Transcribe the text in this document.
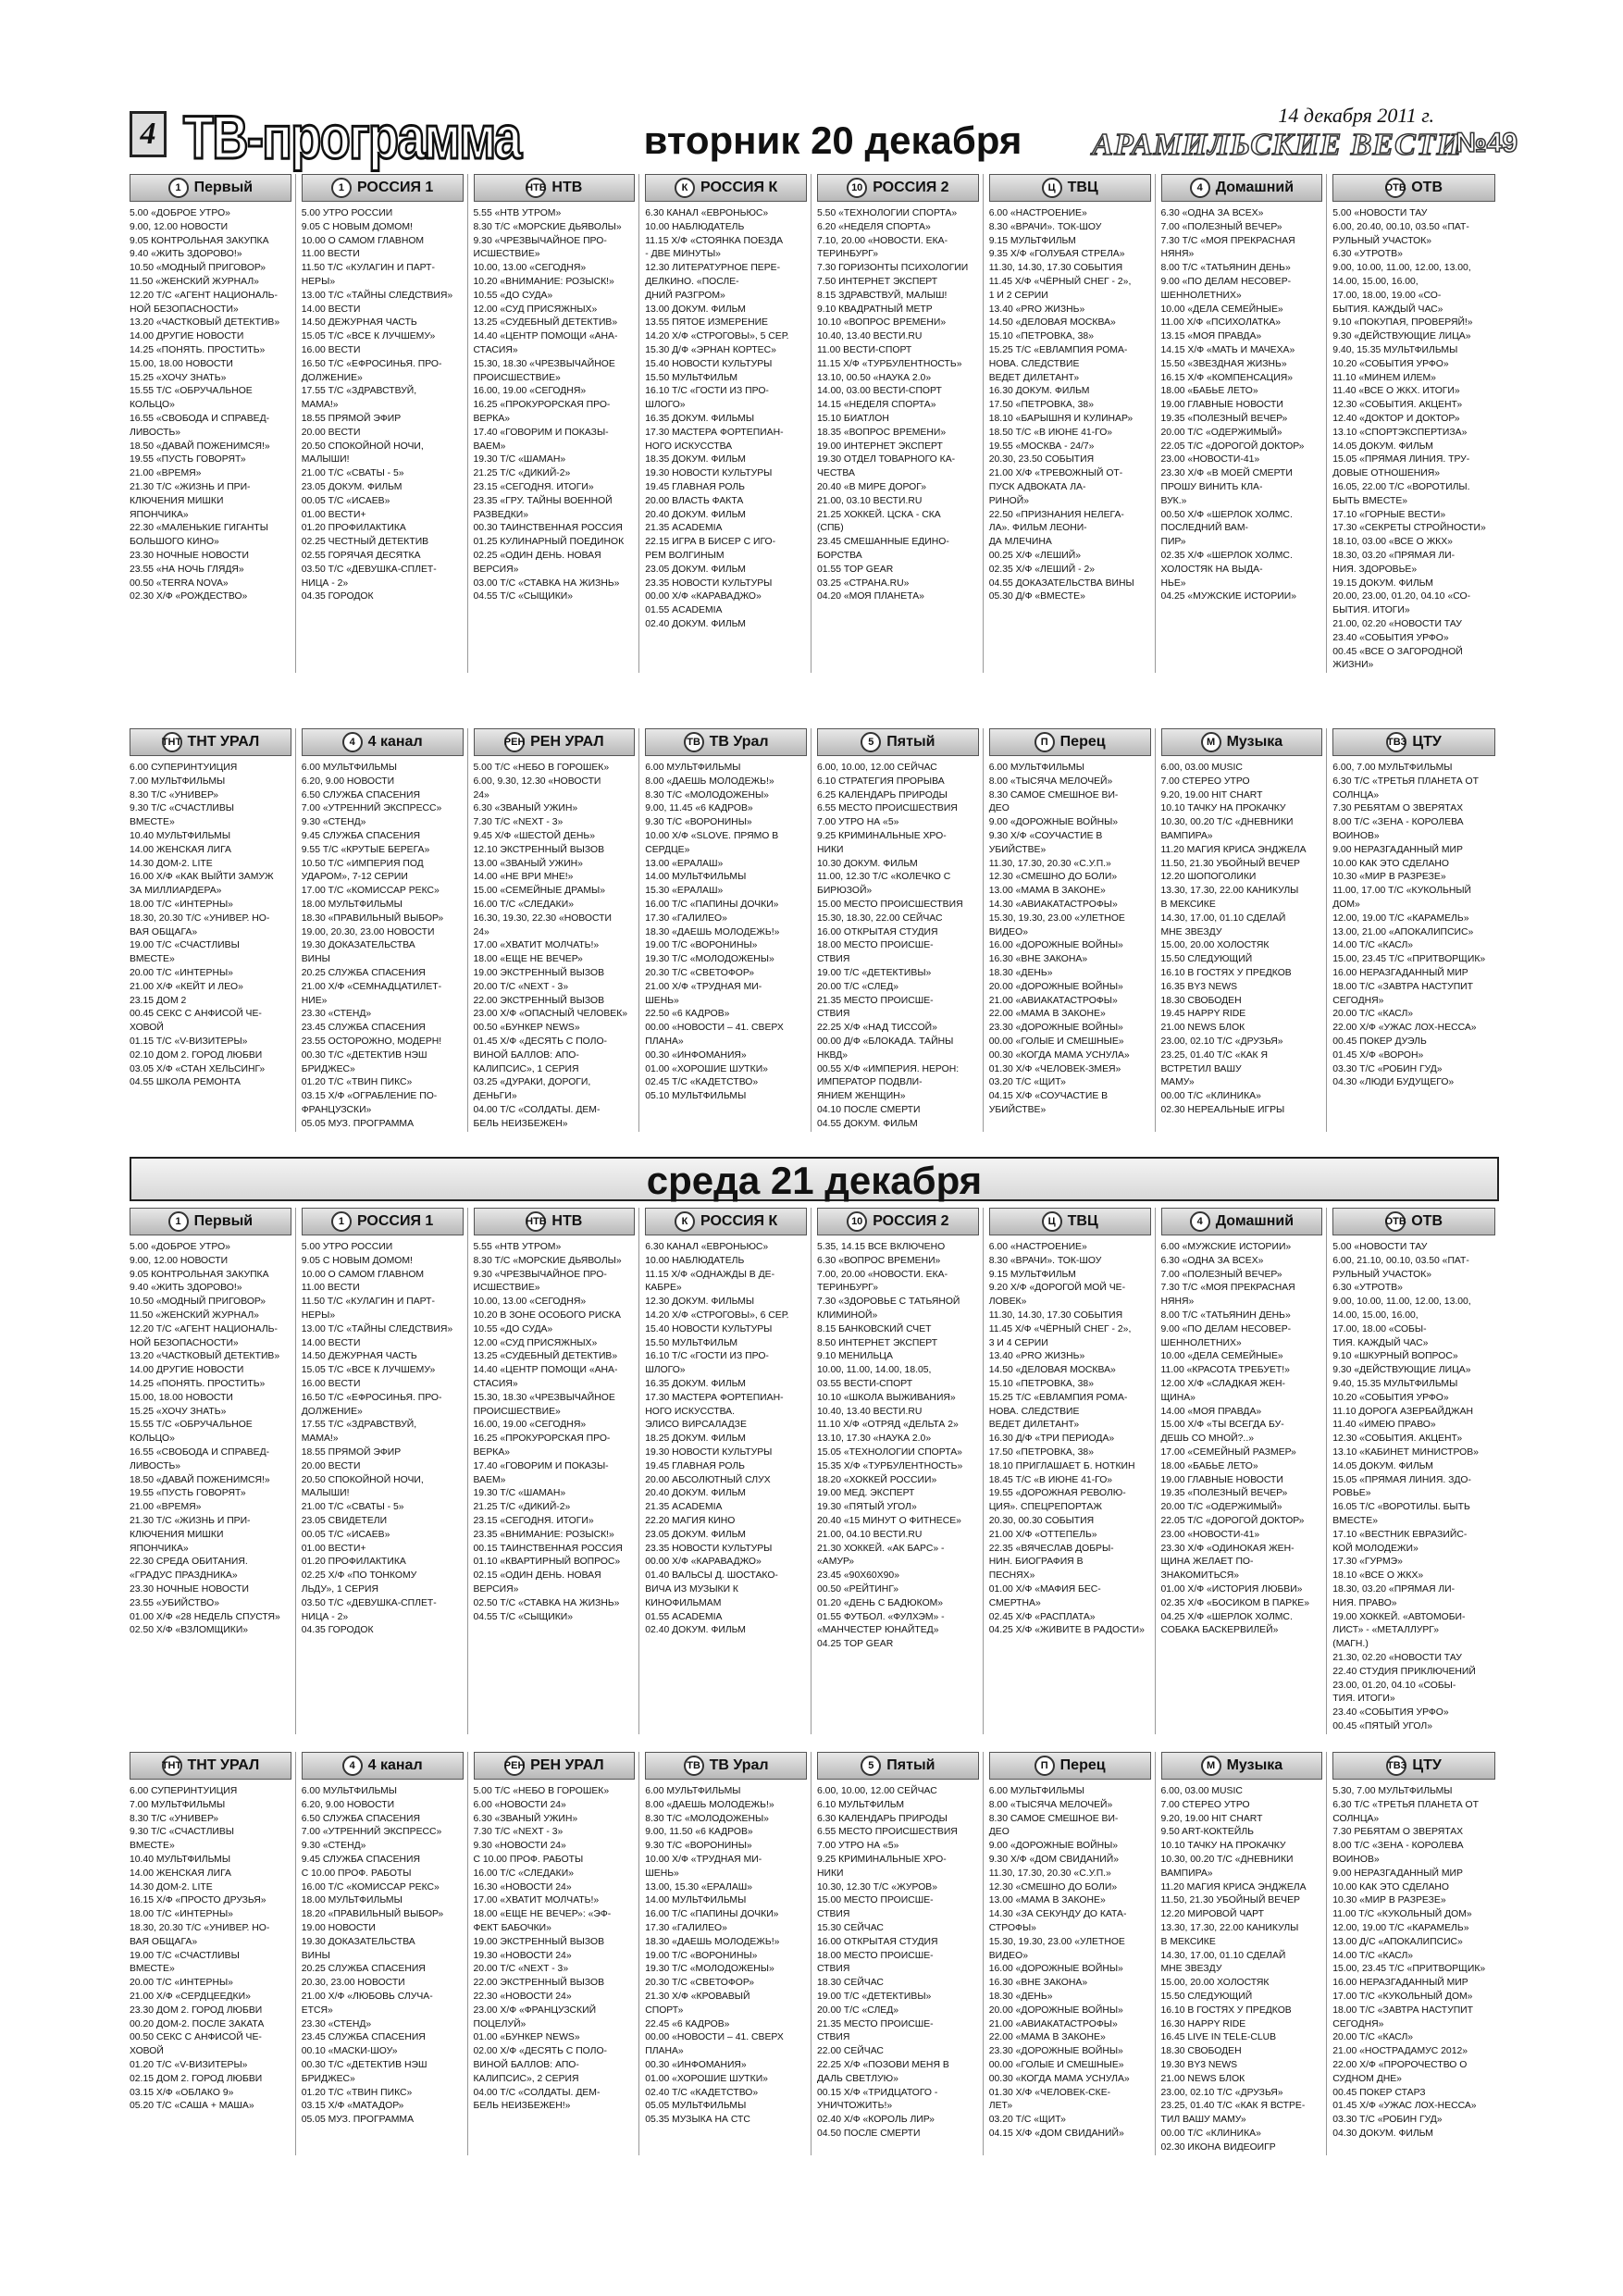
4 ТВ-программа	14 декабря 2011 г.
АРАМИЛЬСКИЕ ВЕСТИ
№49
вторник 20 декабря
1 Первый
5.00 «ДОБРОЕ УТРО»
9.00, 12.00 НОВОСТИ
9.05 КОНТРОЛЬНАЯ ЗАКУПКА
9.40 «ЖИТЬ ЗДОРОВО!»
10.50 «МОДНЫЙ ПРИГОВОР»
11.50 «ЖЕНСКИЙ ЖУРНАЛ»
12.20 Т/С «АГЕНТ НАЦИОНАЛЬ-
НОЙ БЕЗОПАСНОСТИ»
13.20 «ЧАСТКОВЫЙ ДЕТЕКТИВ»
14.00 ДРУГИЕ НОВОСТИ
14.25 «ПОНЯТЬ. ПРОСТИТЬ»
15.00, 18.00 НОВОСТИ
15.25 «ХОЧУ ЗНАТЬ»
15.55 Т/С «ОБРУЧАЛЬНОЕ
КОЛЬЦО»
16.55 «СВОБОДА И СПРАВЕД-
ЛИВОСТЬ»
18.50 «ДАВАЙ ПОЖЕНИМСЯ!»
19.55 «ПУСТЬ ГОВОРЯТ»
21.00 «ВРЕМЯ»
21.30 Т/С «ЖИЗНЬ И ПРИ-
КЛЮЧЕНИЯ МИШКИ
ЯПОНЧИКА»
22.30 «МАЛЕНЬКИЕ ГИГАНТЫ
БОЛЬШОГО КИНО»
23.30 НОЧНЫЕ НОВОСТИ
23.55 «НА НОЧЬ ГЛЯДЯ»
00.50 «TERRA NOVA»
02.30 Х/Ф «РОЖДЕСТВО»
1 РОССИЯ 1
5.00 УТРО РОССИИ
9.05 С НОВЫМ ДОМОМ!
10.00 О САМОМ ГЛАВНОМ
11.00 ВЕСТИ
11.50 Т/С «КУЛАГИН И ПАРТ-
НЕРЫ»
13.00 Т/С «ТАЙНЫ СЛЕДСТВИЯ»
14.00 ВЕСТИ
14.50 ДЕЖУРНАЯ ЧАСТЬ
15.05 Т/С «ВСЕ К ЛУЧШЕМУ»
16.00 ВЕСТИ
16.50 Т/С «ЕФРОСИНЬЯ. ПРО-
ДОЛЖЕНИЕ»
17.55 Т/С «ЗДРАВСТВУЙ,
МАМА!»
18.55 ПРЯМОЙ ЭФИР
20.00 ВЕСТИ
20.50 СПОКОЙНОЙ НОЧИ,
МАЛЫШИ!
21.00 Т/С «СВАТЫ - 5»
23.05 ДОКУМ. ФИЛЬМ
00.05 Т/С «ИСАЕВ»
01.00 ВЕСТИ+
01.20 ПРОФИЛАКТИКА
02.25 ЧЕСТНЫЙ ДЕТЕКТИВ
02.55 ГОРЯЧАЯ ДЕСЯТКА
03.50 Т/С «ДЕВУШКА-СПЛЕТ-
НИЦА - 2»
04.35 ГОРОДОК
НТВ НТВ
5.55 «НТВ УТРОМ»
8.30 Т/С «МОРСКИЕ ДЬЯВОЛЫ»
9.30 «ЧРЕЗВЫЧАЙНОЕ ПРО-
ИСШЕСТВИЕ»
10.00, 13.00 «СЕГОДНЯ»
10.20 «ВНИМАНИЕ: РОЗЫСК!»
10.55 «ДО СУДА»
12.00 «СУД ПРИСЯЖНЫХ»
13.25 «СУДЕБНЫЙ ДЕТЕКТИВ»
14.40 «ЦЕНТР ПОМОЩИ «АНА-
СТАСИЯ»
15.30, 18.30 «ЧРЕЗВЫЧАЙНОЕ
ПРОИСШЕСТВИЕ»
16.00, 19.00 «СЕГОДНЯ»
16.25 «ПРОКУРОРСКАЯ ПРО-
ВЕРКА»
17.40 «ГОВОРИМ И ПОКАЗЫ-
ВАЕМ»
19.30 Т/С «ШАМАН»
21.25 Т/С «ДИКИЙ-2»
23.15 «СЕГОДНЯ. ИТОГИ»
23.35 «ГРУ. ТАЙНЫ ВОЕННОЙ
РАЗВЕДКИ»
00.30 ТАИНСТВЕННАЯ РОССИЯ
01.25 КУЛИНАРНЫЙ ПОЕДИНОК
02.25 «ОДИН ДЕНЬ. НОВАЯ
ВЕРСИЯ»
03.00 Т/С «СТАВКА НА ЖИЗНЬ»
04.55 Т/С «СЫЩИКИ»
К РОССИЯ К
6.30 КАНАЛ «ЕВРОНЬЮС»
10.00 НАБЛЮДАТЕЛЬ
11.15 Х/Ф «СТОЯНКА ПОЕЗДА
- ДВЕ МИНУТЫ»
12.30 ЛИТЕРАТУРНОЕ ПЕРЕ-
ДЕЛКИНО. «ПОСЛЕ-
ДНИЙ РАЗГРОМ»
13.00 ДОКУМ. ФИЛЬМ
13.55 ПЯТОЕ ИЗМЕРЕНИЕ
14.20 Х/Ф «СТРОГОВЫ», 5 СЕР.
15.30 Д/Ф «ЭРНАН КОРТЕС»
15.40 НОВОСТИ КУЛЬТУРЫ
15.50 МУЛЬТФИЛЬМ
16.10 Т/С «ГОСТИ ИЗ ПРО-
ШЛОГО»
16.35 ДОКУМ. ФИЛЬМЫ
17.30 МАСТЕРА ФОРТЕПИАН-
НОГО ИСКУССТВА
18.35 ДОКУМ. ФИЛЬМ
19.30 НОВОСТИ КУЛЬТУРЫ
19.45 ГЛАВНАЯ РОЛЬ
20.00 ВЛАСТЬ ФАКТА
20.40 ДОКУМ. ФИЛЬМ
21.35 ACADEMIA
22.15 ИГРА В БИСЕР С ИГО-
РЕМ ВОЛГИНЫМ
23.05 ДОКУМ. ФИЛЬМ
23.35 НОВОСТИ КУЛЬТУРЫ
00.00 Х/Ф «КАРАВАДЖО»
01.55 ACADEMIA
02.40 ДОКУМ. ФИЛЬМ
10 РОССИЯ 2
5.50 «ТЕХНОЛОГИИ СПОРТА»
6.20 «НЕДЕЛЯ СПОРТА»
7.10, 20.00 «НОВОСТИ. ЕКА-
ТЕРИНБУРГ»
7.30 ГОРИЗОНТЫ ПСИХОЛОГИИ
7.50 ИНТЕРНЕТ ЭКСПЕРТ
8.15 ЗДРАВСТВУЙ, МАЛЫШ!
9.10 КВАДРАТНЫЙ МЕТР
10.10 «ВОПРОС ВРЕМЕНИ»
10.40, 13.40 ВЕСТИ.RU
11.00 ВЕСТИ-СПОРТ
11.15 Х/Ф «ТУРБУЛЕНТНОСТЬ»
13.10, 00.50 «НАУКА 2.0»
14.00, 03.00 ВЕСТИ-СПОРТ
14.15 «НЕДЕЛЯ СПОРТА»
15.10 БИАТЛОН
18.35 «ВОПРОС ВРЕМЕНИ»
19.00 ИНТЕРНЕТ ЭКСПЕРТ
19.30 ОТДЕЛ ТОВАРНОГО КА-
ЧЕСТВА
20.40 «В МИРЕ ДОРОГ»
21.00, 03.10 ВЕСТИ.RU
21.25 ХОККЕЙ. ЦСКА - СКА
(СПБ)
23.45 СМЕШАННЫЕ ЕДИНО-
БОРСТВА
01.55 TOP GEAR
03.25 «СТРАНА.RU»
04.20 «МОЯ ПЛАНЕТА»
Ц ТВЦ
6.00 «НАСТРОЕНИЕ»
8.30 «ВРАЧИ». ТОК-ШОУ
9.15 МУЛЬТФИЛЬМ
9.35 Х/Ф «ГОЛУБАЯ СТРЕЛА»
11.30, 14.30, 17.30 СОБЫТИЯ
11.45 Х/Ф «ЧЁРНЫЙ СНЕГ - 2»,
1 И 2 СЕРИИ
13.40 «PRO ЖИЗНЬ»
14.50 «ДЕЛОВАЯ МОСКВА»
15.10 «ПЕТРОВКА, 38»
15.25 Т/С «ЕВЛАМПИЯ РОМА-
НОВА. СЛЕДСТВИЕ
ВЕДЕТ ДИЛЕТАНТ»
16.30 ДОКУМ. ФИЛЬМ
17.50 «ПЕТРОВКА, 38»
18.10 «БАРЫШНЯ И КУЛИНАР»
18.50 Т/С «В ИЮНЕ 41-ГО»
19.55 «МОСКВА - 24/7»
20.30, 23.50 СОБЫТИЯ
21.00 Х/Ф «ТРЕВОЖНЫЙ ОТ-
ПУСК АДВОКАТА ЛА-
РИНОЙ»
22.50 «ПРИЗНАНИЯ НЕЛЕГА-
ЛА». ФИЛЬМ ЛЕОНИ-
ДА МЛЕЧИНА
00.25 Х/Ф «ЛЕШИЙ»
02.35 Х/Ф «ЛЕШИЙ - 2»
04.55 ДОКАЗАТЕЛЬСТВА ВИНЫ
05.30 Д/Ф «ВМЕСТЕ»
4 Домашний
6.30 «ОДНА ЗА ВСЕХ»
7.00 «ПОЛЕЗНЫЙ ВЕЧЕР»
7.30 Т/С «МОЯ ПРЕКРАСНАЯ
НЯНЯ»
8.00 Т/С «ТАТЬЯНИН ДЕНЬ»
9.00 «ПО ДЕЛАМ НЕСОВЕР-
ШЕННОЛЕТНИХ»
10.00 «ДЕЛА СЕМЕЙНЫЕ»
11.00 Х/Ф «ПСИХОЛАТКА»
13.15 «МОЯ ПРАВДА»
14.15 Х/Ф «МАТЬ И МАЧЕХА»
15.50 «ЗВЕЗДНАЯ ЖИЗНЬ»
16.15 Х/Ф «КОМПЕНСАЦИЯ»
18.00 «БАБЬЕ ЛЕТО»
19.00 ГЛАВНЫЕ НОВОСТИ
19.35 «ПОЛЕЗНЫЙ ВЕЧЕР»
20.00 Т/С «ОДЕРЖИМЫЙ»
22.05 Т/С «ДОРОГОЙ ДОКТОР»
23.00 «НОВОСТИ-41»
23.30 Х/Ф «В МОЕЙ СМЕРТИ
ПРОШУ ВИНИТЬ КЛА-
ВУК.»
00.50 Х/Ф «ШЕРЛОК ХОЛМС.
ПОСЛЕДНИЙ ВАМ-
ПИР»
02.35 Х/Ф «ШЕРЛОК ХОЛМС.
ХОЛОСТЯК НА ВЫДА-
НЬЕ»
04.25 «МУЖСКИЕ ИСТОРИИ»
ОТВ ОТВ
5.00 «НОВОСТИ ТАУ
6.00, 20.40, 00.10, 03.50 «ПАТ-
РУЛЬНЫЙ УЧАСТОК»
6.30 «УТРОТВ»
9.00, 10.00, 11.00, 12.00, 13.00,
14.00, 15.00, 16.00,
17.00, 18.00, 19.00 «СО-
БЫТИЯ. КАЖДЫЙ ЧАС»
9.10 «ПОКУПАЯ, ПРОВЕРЯЙ!»
9.30 «ДЕЙСТВУЮЩИЕ ЛИЦА»
9.40, 15.35 МУЛЬТФИЛЬМЫ
10.20 «СОБЫТИЯ УРФО»
11.10 «МИНЕМ ИЛЕМ»
11.40 «ВСЕ О ЖКХ. ИТОГИ»
12.30 «СОБЫТИЯ. АКЦЕНТ»
12.40 «ДОКТОР И ДОКТОР»
13.10 «СПОРТЭКСПЕРТИЗА»
14.05 ДОКУМ. ФИЛЬМ
15.05 «ПРЯМАЯ ЛИНИЯ. ТРУ-
ДОВЫЕ ОТНОШЕНИЯ»
16.05, 22.00 Т/С «ВОРОТИЛЫ.
БЫТЬ ВМЕСТЕ»
17.10 «ГОРНЫЕ ВЕСТИ»
17.30 «СЕКРЕТЫ СТРОЙНОСТИ»
18.10, 03.00 «ВСЕ О ЖКХ»
18.30, 03.20 «ПРЯМАЯ ЛИ-
НИЯ. ЗДОРОВЬЕ»
19.15 ДОКУМ. ФИЛЬМ
20.00, 23.00, 01.20, 04.10 «СО-
БЫТИЯ. ИТОГИ»
21.00, 02.20 «НОВОСТИ ТАУ
23.40 «СОБЫТИЯ УРФО»
00.45 «ВСЕ О ЗАГОРОДНОЙ
ЖИЗНИ»
ТНТ ТНТ УРАЛ
6.00 СУПЕРИНТУИЦИЯ
7.00 МУЛЬТФИЛЬМЫ
8.30 Т/С «УНИВЕР»
9.30 Т/С «СЧАСТЛИВЫ
ВМЕСТЕ»
10.40 МУЛЬТФИЛЬМЫ
14.00 ЖЕНСКАЯ ЛИГА
14.30 ДОМ-2. LITE
16.00 Х/Ф «КАК ВЫЙТИ ЗАМУЖ
ЗА МИЛЛИАРДЕРА»
18.00 Т/С «ИНТЕРНЫ»
18.30, 20.30 Т/С «УНИВЕР. НО-
ВАЯ ОБЩАГА»
19.00 Т/С «СЧАСТЛИВЫ
ВМЕСТЕ»
20.00 Т/С «ИНТЕРНЫ»
21.00 Х/Ф «КЕЙТ И ЛЕО»
23.15 ДОМ 2
00.45 СЕКС С АНФИСОЙ ЧЕ-
ХОВОЙ
01.15 Т/С «V-ВИЗИТЕРЫ»
02.10 ДОМ 2. ГОРОД ЛЮБВИ
03.05 Х/Ф «СТАН ХЕЛЬСИНГ»
04.55 ШКОЛА РЕМОНТА
4 4 канал
6.00 МУЛЬТФИЛЬМЫ
6.20, 9.00 НОВОСТИ
6.50 СЛУЖБА СПАСЕНИЯ
7.00 «УТРЕННИЙ ЭКСПРЕСС»
9.30 «СТЕНД»
9.45 СЛУЖБА СПАСЕНИЯ
9.55 Т/С «КРУТЫЕ БЕРЕГА»
10.50 Т/С «ИМПЕРИЯ ПОД
УДАРОМ», 7-12 СЕРИИ
17.00 Т/С «КОМИССАР РЕКС»
18.00 МУЛЬТФИЛЬМЫ
18.30 «ПРАВИЛЬНЫЙ ВЫБОР»
19.00, 20.30, 23.00 НОВОСТИ
19.30 ДОКАЗАТЕЛЬСТВА
ВИНЫ
20.25 СЛУЖБА СПАСЕНИЯ
21.00 Х/Ф «СЕМНАДЦАТИЛЕТ-
НИЕ»
23.30 «СТЕНД»
23.45 СЛУЖБА СПАСЕНИЯ
23.55 ОСТОРОЖНО, МОДЕРН!
00.30 Т/С «ДЕТЕКТИВ НЭШ
БРИДЖЕС»
01.20 Т/С «ТВИН ПИКС»
03.15 Х/Ф «ОГРАБЛЕНИЕ ПО-
ФРАНЦУЗСКИ»
05.05 МУЗ. ПРОГРАММА
РЕН РЕН УРАЛ
5.00 Т/С «НЕБО В ГОРОШЕК»
6.00, 9.30, 12.30 «НОВОСТИ
24»
6.30 «ЗВАНЫЙ УЖИН»
7.30 Т/С «NEXT - 3»
9.45 Х/Ф «ШЕСТОЙ ДЕНЬ»
12.10 ЭКСТРЕННЫЙ ВЫЗОВ
13.00 «ЗВАНЫЙ УЖИН»
14.00 «НЕ ВРИ МНЕ!»
15.00 «СЕМЕЙНЫЕ ДРАМЫ»
16.00 Т/С «СЛЕДАКИ»
16.30, 19.30, 22.30 «НОВОСТИ
24»
17.00 «ХВАТИТ МОЛЧАТЬ!»
18.00 «ЕЩЕ НЕ ВЕЧЕР»
19.00 ЭКСТРЕННЫЙ ВЫЗОВ
20.00 Т/С «NEXT - 3»
22.00 ЭКСТРЕННЫЙ ВЫЗОВ
23.00 Х/Ф «ОПАСНЫЙ ЧЕЛОВЕК»
00.50 «БУНКЕР NEWS»
01.45 Х/Ф «ДЕСЯТЬ С ПОЛО-
ВИНОЙ БАЛЛОВ: АПО-
КАЛИПСИС», 1 СЕРИЯ
03.25 «ДУРАКИ, ДОРОГИ,
ДЕНЬГИ»
04.00 Т/С «СОЛДАТЫ. ДЕМ-
БЕЛЬ НЕИЗБЕЖЕН»
ТВ ТВ Урал
6.00 МУЛЬТФИЛЬМЫ
8.00 «ДАЕШЬ МОЛОДЕЖЬ!»
8.30 Т/С «МОЛОДОЖЕНЫ»
9.00, 11.45 «6 КАДРОВ»
9.30 Т/С «ВОРОНИНЫ»
10.00 Х/Ф «SLOVE. ПРЯМО В
СЕРДЦЕ»
13.00 «ЕРАЛАШ»
14.00 МУЛЬТФИЛЬМЫ
15.30 «ЕРАЛАШ»
16.00 Т/С «ПАПИНЫ ДОЧКИ»
17.30 «ГАЛИЛЕО»
18.30 «ДАЕШЬ МОЛОДЕЖЬ!»
19.00 Т/С «ВОРОНИНЫ»
19.30 Т/С «МОЛОДОЖЕНЫ»
20.30 Т/С «СВЕТОФОР»
21.00 Х/Ф «ТРУДНАЯ МИ-
ШЕНЬ»
22.50 «6 КАДРОВ»
00.00 «НОВОСТИ – 41. СВЕРХ
ПЛАНА»
00.30 «ИНФОМАНИЯ»
01.00 «ХОРОШИЕ ШУТКИ»
02.45 Т/С «КАДЕТСТВО»
05.10 МУЛЬТФИЛЬМЫ
5 Пятый
6.00, 10.00, 12.00 СЕЙЧАС
6.10 СТРАТЕГИЯ ПРОРЫВА
6.25 КАЛЕНДАРЬ ПРИРОДЫ
6.55 МЕСТО ПРОИСШЕСТВИЯ
7.00 УТРО НА «5»
9.25 КРИМИНАЛЬНЫЕ ХРО-
НИКИ
10.30 ДОКУМ. ФИЛЬМ
11.00, 12.30 Т/С «КОЛЕЧКО С
БИРЮЗОЙ»
15.00 МЕСТО ПРОИСШЕСТВИЯ
15.30, 18.30, 22.00 СЕЙЧАС
16.00 ОТКРЫТАЯ СТУДИЯ
18.00 МЕСТО ПРОИСШЕ-
СТВИЯ
19.00 Т/С «ДЕТЕКТИВЫ»
20.00 Т/С «СЛЕД»
21.35 МЕСТО ПРОИСШЕ-
СТВИЯ
22.25 Х/Ф «НАД ТИССОЙ»
00.00 Д/Ф «БЛОКАДА. ТАЙНЫ
НКВД»
00.55 Х/Ф «ИМПЕРИЯ. НЕРОН:
ИМПЕРАТОР ПОДВЛИ-
ЯНИЕМ ЖЕНЩИН»
04.10 ПОСЛЕ СМЕРТИ
04.55 ДОКУМ. ФИЛЬМ
П Перец
6.00 МУЛЬТФИЛЬМЫ
8.00 «ТЫСЯЧА МЕЛОЧЕЙ»
8.30 САМОЕ СМЕШНОЕ ВИ-
ДЕО
9.00 «ДОРОЖНЫЕ ВОЙНЫ»
9.30 Х/Ф «СОУЧАСТИЕ В
УБИЙСТВЕ»
11.30, 17.30, 20.30 «С.У.П.»
12.30 «СМЕШНО ДО БОЛИ»
13.00 «МАМА В ЗАКОНЕ»
14.30 «АВИАКАТАСТРОФЫ»
15.30, 19.30, 23.00 «УЛЕТНОЕ
ВИДЕО»
16.00 «ДОРОЖНЫЕ ВОЙНЫ»
16.30 «ВНЕ ЗАКОНА»
18.30 «ДЕНЬ»
20.00 «ДОРОЖНЫЕ ВОЙНЫ»
21.00 «АВИАКАТАСТРОФЫ»
22.00 «МАМА В ЗАКОНЕ»
23.30 «ДОРОЖНЫЕ ВОЙНЫ»
00.00 «ГОЛЫЕ И СМЕШНЫЕ»
00.30 «КОГДА МАМА УСНУЛА»
01.30 Х/Ф «ЧЕЛОВЕК-ЗМЕЯ»
03.20 Т/С «ЩИТ»
04.15 Х/Ф «СОУЧАСТИЕ В
УБИЙСТВЕ»
М Музыка
6.00, 03.00 MUSIC
7.00 СТЕРЕО УТРО
9.20, 19.00 HIT CHART
10.10 ТАЧКУ НА ПРОКАЧКУ
10.30, 00.20 Т/С «ДНЕВНИКИ
ВАМПИРА»
11.20 МАГИЯ КРИСА ЭНДЖЕЛА
11.50, 21.30 УБОЙНЫЙ ВЕЧЕР
12.20 ШОПОГОЛИКИ
13.30, 17.30, 22.00 КАНИКУЛЫ
В МЕКСИКЕ
14.30, 17.00, 01.10 СДЕЛАЙ
МНЕ ЗВЕЗДУ
15.00, 20.00 ХОЛОСТЯК
15.50 СЛЕДУЮЩИЙ
16.10 В ГОСТЯХ У ПРЕДКОВ
16.35 BY3 NEWS
18.30 СВОБОДЕН
19.45 HAPPY RIDE
21.00 NEWS БЛОК
23.00, 02.10 Т/С «ДРУЗЬЯ»
23.25, 01.40 Т/С «КАК Я
ВСТРЕТИЛ ВАШУ
МАМУ»
00.00 Т/С «КЛИНИКА»
02.30 НЕРЕАЛЬНЫЕ ИГРЫ
ТВ3 ЦТУ
6.00, 7.00 МУЛЬТФИЛЬМЫ
6.30 Т/С «ТРЕТЬЯ ПЛАНЕТА ОТ
СОЛНЦА»
7.30 РЕБЯТАМ О ЗВЕРЯТАХ
8.00 Т/С «ЗЕНА - КОРОЛЕВА
ВОИНОВ»
9.00 НЕРАЗГАДАННЫЙ МИР
10.00 КАК ЭТО СДЕЛАНО
10.30 «МИР В РАЗРЕЗЕ»
11.00, 17.00 Т/С «КУКОЛЬНЫЙ
ДОМ»
12.00, 19.00 Т/С «КАРАМЕЛЬ»
13.00, 21.00 «АПОКАЛИПСИС»
14.00 Т/С «КАСЛ»
15.00, 23.45 Т/С «ПРИТВОРЩИК»
16.00 НЕРАЗГАДАННЫЙ МИР
18.00 Т/С «ЗАВТРА НАСТУПИТ
СЕГОДНЯ»
20.00 Т/С «КАСЛ»
22.00 Х/Ф «УЖАС ЛОХ-НЕССА»
00.45 ПОКЕР ДУЭЛЬ
01.45 Х/Ф «ВОРОН»
03.30 Т/С «РОБИН ГУД»
04.30 «ЛЮДИ БУДУЩЕГО»
среда 21 декабря
1 Первый
5.00 «ДОБРОЕ УТРО»
9.00, 12.00 НОВОСТИ
9.05 КОНТРОЛЬНАЯ ЗАКУПКА
9.40 «ЖИТЬ ЗДОРОВО!»
10.50 «МОДНЫЙ ПРИГОВОР»
11.50 «ЖЕНСКИЙ ЖУРНАЛ»
12.20 Т/С «АГЕНТ НАЦИОНАЛЬ-
НОЙ БЕЗОПАСНОСТИ»
13.20 «ЧАСТКОВЫЙ ДЕТЕКТИВ»
14.00 ДРУГИЕ НОВОСТИ
14.25 «ПОНЯТЬ. ПРОСТИТЬ»
15.00, 18.00 НОВОСТИ
15.25 «ХОЧУ ЗНАТЬ»
15.55 Т/С «ОБРУЧАЛЬНОЕ
КОЛЬЦО»
16.55 «СВОБОДА И СПРАВЕД-
ЛИВОСТЬ»
18.50 «ДАВАЙ ПОЖЕНИМСЯ!»
19.55 «ПУСТЬ ГОВОРЯТ»
21.00 «ВРЕМЯ»
21.30 Т/С «ЖИЗНЬ И ПРИ-
КЛЮЧЕНИЯ МИШКИ
ЯПОНЧИКА»
22.30 СРЕДА ОБИТАНИЯ.
«ГРАДУС ПРАЗДНИКА»
23.30 НОЧНЫЕ НОВОСТИ
23.55 «УБИЙСТВО»
01.00 Х/Ф «28 НЕДЕЛЬ СПУСТЯ»
02.50 Х/Ф «ВЗЛОМЩИКИ»
1 РОССИЯ 1
5.00 УТРО РОССИИ
9.05 С НОВЫМ ДОМОМ!
10.00 О САМОМ ГЛАВНОМ
11.00 ВЕСТИ
11.50 Т/С «КУЛАГИН И ПАРТ-
НЕРЫ»
13.00 Т/С «ТАЙНЫ СЛЕДСТВИЯ»
14.00 ВЕСТИ
14.50 ДЕЖУРНАЯ ЧАСТЬ
15.05 Т/С «ВСЕ К ЛУЧШЕМУ»
16.00 ВЕСТИ
16.50 Т/С «ЕФРОСИНЬЯ. ПРО-
ДОЛЖЕНИЕ»
17.55 Т/С «ЗДРАВСТВУЙ,
МАМА!»
18.55 ПРЯМОЙ ЭФИР
20.00 ВЕСТИ
20.50 СПОКОЙНОЙ НОЧИ,
МАЛЫШИ!
21.00 Т/С «СВАТЫ - 5»
23.05 СВИДЕТЕЛИ
00.05 Т/С «ИСАЕВ»
01.00 ВЕСТИ+
01.20 ПРОФИЛАКТИКА
02.25 Х/Ф «ПО ТОНКОМУ
ЛЬДУ», 1 СЕРИЯ
03.50 Т/С «ДЕВУШКА-СПЛЕТ-
НИЦА - 2»
04.35 ГОРОДОК
НТВ НТВ
5.55 «НТВ УТРОМ»
8.30 Т/С «МОРСКИЕ ДЬЯВОЛЫ»
9.30 «ЧРЕЗВЫЧАЙНОЕ ПРО-
ИСШЕСТВИЕ»
10.00, 13.00 «СЕГОДНЯ»
10.20 В ЗОНЕ ОСОБОГО РИСКА
10.55 «ДО СУДА»
12.00 «СУД ПРИСЯЖНЫХ»
13.25 «СУДЕБНЫЙ ДЕТЕКТИВ»
14.40 «ЦЕНТР ПОМОЩИ «АНА-
СТАСИЯ»
15.30, 18.30 «ЧРЕЗВЫЧАЙНОЕ
ПРОИСШЕСТВИЕ»
16.00, 19.00 «СЕГОДНЯ»
16.25 «ПРОКУРОРСКАЯ ПРО-
ВЕРКА»
17.40 «ГОВОРИМ И ПОКАЗЫ-
ВАЕМ»
19.30 Т/С «ШАМАН»
21.25 Т/С «ДИКИЙ-2»
23.15 «СЕГОДНЯ. ИТОГИ»
23.35 «ВНИМАНИЕ: РОЗЫСК!»
00.15 ТАИНСТВЕННАЯ РОССИЯ
01.10 «КВАРТИРНЫЙ ВОПРОС»
02.15 «ОДИН ДЕНЬ. НОВАЯ
ВЕРСИЯ»
02.50 Т/С «СТАВКА НА ЖИЗНЬ»
04.55 Т/С «СЫЩИКИ»
К РОССИЯ К
6.30 КАНАЛ «ЕВРОНЬЮС»
10.00 НАБЛЮДАТЕЛЬ
11.15 Х/Ф «ОДНАЖДЫ В ДЕ-
КАБРЕ»
12.30 ДОКУМ. ФИЛЬМЫ
14.20 Х/Ф «СТРОГОВЫ», 6 СЕР.
15.40 НОВОСТИ КУЛЬТУРЫ
15.50 МУЛЬТФИЛЬМ
16.10 Т/С «ГОСТИ ИЗ ПРО-
ШЛОГО»
16.35 ДОКУМ. ФИЛЬМ
17.30 МАСТЕРА ФОРТЕПИАН-
НОГО ИСКУССТВА.
ЭЛИСО ВИРСАЛАДЗЕ
18.25 ДОКУМ. ФИЛЬМ
19.30 НОВОСТИ КУЛЬТУРЫ
19.45 ГЛАВНАЯ РОЛЬ
20.00 АБСОЛЮТНЫЙ СЛУХ
20.40 ДОКУМ. ФИЛЬМ
21.35 ACADEMIA
22.20 МАГИЯ КИНО
23.05 ДОКУМ. ФИЛЬМ
23.35 НОВОСТИ КУЛЬТУРЫ
00.00 Х/Ф «КАРАВАДЖО»
01.40 ВАЛЬСЫ Д. ШОСТАКО-
ВИЧА ИЗ МУЗЫКИ К
КИНОФИЛЬМАМ
01.55 ACADEMIA
02.40 ДОКУМ. ФИЛЬМ
10 РОССИЯ 2
5.35, 14.15 ВСЕ ВКЛЮЧЕНО
6.30 «ВОПРОС ВРЕМЕНИ»
7.00, 20.00 «НОВОСТИ. ЕКА-
ТЕРИНБУРГ»
7.30 «ЗДОРОВЬЕ С ТАТЬЯНОЙ
КЛИМИНОЙ»
8.15 БАНКОВСКИЙ СЧЕТ
8.50 ИНТЕРНЕТ ЭКСПЕРТ
9.10 МЕНИЛЬЦА
10.00, 11.00, 14.00, 18.05,
03.55 ВЕСТИ-СПОРТ
10.10 «ШКОЛА ВЫЖИВАНИЯ»
10.40, 13.40 ВЕСТИ.RU
11.10 Х/Ф «ОТРЯД «ДЕЛЬТА 2»
13.10, 17.30 «НАУКА 2.0»
15.05 «ТЕХНОЛОГИИ СПОРТА»
15.35 Х/Ф «ТУРБУЛЕНТНОСТЬ»
18.20 «ХОККЕЙ РОССИИ»
19.00 МЕД. ЭКСПЕРТ
19.30 «ПЯТЫЙ УГОЛ»
20.40 «15 МИНУТ О ФИТНЕСЕ»
21.00, 04.10 ВЕСТИ.RU
21.30 ХОККЕЙ. «АК БАРС» -
«АМУР»
23.45 «90Х60Х90»
00.50 «РЕЙТИНГ»
01.20 «ДЕНЬ С БАДЮКОМ»
01.55 ФУТБОЛ. «ФУЛХЭМ» -
«МАНЧЕСТЕР ЮНАЙТЕД»
04.25 TOP GEAR
Ц ТВЦ
6.00 «НАСТРОЕНИЕ»
8.30 «ВРАЧИ». ТОК-ШОУ
9.15 МУЛЬТФИЛЬМ
9.20 Х/Ф «ДОРОГОЙ МОЙ ЧЕ-
ЛОВЕК»
11.30, 14.30, 17.30 СОБЫТИЯ
11.45 Х/Ф «ЧЁРНЫЙ СНЕГ - 2»,
3 И 4 СЕРИИ
13.40 «PRO ЖИЗНЬ»
14.50 «ДЕЛОВАЯ МОСКВА»
15.10 «ПЕТРОВКА, 38»
15.25 Т/С «ЕВЛАМПИЯ РОМА-
НОВА. СЛЕДСТВИЕ
ВЕДЕТ ДИЛЕТАНТ»
16.30 Д/Ф «ТРИ ПЕРИОДА»
17.50 «ПЕТРОВКА, 38»
18.10 ПРИГЛАШАЕТ Б. НОТКИН
18.45 Т/С «В ИЮНЕ 41-ГО»
19.55 «ДОРОЖНАЯ РЕВОЛЮ-
ЦИЯ». СПЕЦРЕПОРТАЖ
20.30, 00.30 СОБЫТИЯ
21.00 Х/Ф «ОТТЕПЕЛЬ»
22.35 «ВЯЧЕСЛАВ ДОБРЫ-
НИН. БИОГРАФИЯ В
ПЕСНЯХ»
01.00 Х/Ф «МАФИЯ БЕС-
СМЕРТНА»
02.45 Х/Ф «РАСПЛАТА»
04.25 Х/Ф «ЖИВИТЕ В РАДОСТИ»
4 Домашний
6.00 «МУЖСКИЕ ИСТОРИИ»
6.30 «ОДНА ЗА ВСЕХ»
7.00 «ПОЛЕЗНЫЙ ВЕЧЕР»
7.30 Т/С «МОЯ ПРЕКРАСНАЯ
НЯНЯ»
8.00 Т/С «ТАТЬЯНИН ДЕНЬ»
9.00 «ПО ДЕЛАМ НЕСОВЕР-
ШЕННОЛЕТНИХ»
10.00 «ДЕЛА СЕМЕЙНЫЕ»
11.00 «КРАСОТА ТРЕБУЕТ!»
12.00 Х/Ф «СЛАДКАЯ ЖЕН-
ЩИНА»
14.00 «МОЯ ПРАВДА»
15.00 Х/Ф «ТЫ ВСЕГДА БУ-
ДЕШЬ СО МНОЙ?..»
17.00 «СЕМЕЙНЫЙ РАЗМЕР»
18.00 «БАБЬЕ ЛЕТО»
19.00 ГЛАВНЫЕ НОВОСТИ
19.35 «ПОЛЕЗНЫЙ ВЕЧЕР»
20.00 Т/С «ОДЕРЖИМЫЙ»
22.05 Т/С «ДОРОГОЙ ДОКТОР»
23.00 «НОВОСТИ-41»
23.30 Х/Ф «ОДИНОКАЯ ЖЕН-
ЩИНА ЖЕЛАЕТ ПО-
ЗНАКОМИТЬСЯ»
01.00 Х/Ф «ИСТОРИЯ ЛЮБВИ»
02.35 Х/Ф «БОСИКОМ В ПАРКЕ»
04.25 Х/Ф «ШЕРЛОК ХОЛМС.
СОБАКА БАСКЕРВИЛЕЙ»
ОТВ ОТВ
5.00 «НОВОСТИ ТАУ
6.00, 21.10, 00.10, 03.50 «ПАТ-
РУЛЬНЫЙ УЧАСТОК»
6.30 «УТРОТВ»
9.00, 10.00, 11.00, 12.00, 13.00,
14.00, 15.00, 16.00,
17.00, 18.00 «СОБЫ-
ТИЯ. КАЖДЫЙ ЧАС»
9.10 «ШКУРНЫЙ ВОПРОС»
9.30 «ДЕЙСТВУЮЩИЕ ЛИЦА»
9.40, 15.35 МУЛЬТФИЛЬМЫ
10.20 «СОБЫТИЯ УРФО»
11.10 ДОРОГА АЗЕРБАЙДЖАН
11.40 «ИМЕЮ ПРАВО»
12.30 «СОБЫТИЯ. АКЦЕНТ»
13.10 «КАБИНЕТ МИНИСТРОВ»
14.05 ДОКУМ. ФИЛЬМ
15.05 «ПРЯМАЯ ЛИНИЯ. ЗДО-
РОВЬЕ»
16.05 Т/С «ВОРОТИЛЫ. БЫТЬ
ВМЕСТЕ»
17.10 «ВЕСТНИК ЕВРАЗИЙС-
КОЙ МОЛОДЕЖИ»
17.30 «ГУРМЭ»
18.10 «ВСЕ О ЖКХ»
18.30, 03.20 «ПРЯМАЯ ЛИ-
НИЯ. ПРАВО»
19.00 ХОККЕЙ. «АВТОМОБИ-
ЛИСТ» - «МЕТАЛЛУРГ»
(МАГН.)
21.30, 02.20 «НОВОСТИ ТАУ
22.40 СТУДИЯ ПРИКЛЮЧЕНИЙ
23.00, 01.20, 04.10 «СОБЫ-
ТИЯ. ИТОГИ»
23.40 «СОБЫТИЯ УРФО»
00.45 «ПЯТЫЙ УГОЛ»
ТНТ ТНТ УРАЛ
6.00 СУПЕРИНТУИЦИЯ
7.00 МУЛЬТФИЛЬМЫ
8.30 Т/С «УНИВЕР»
9.30 Т/С «СЧАСТЛИВЫ
ВМЕСТЕ»
10.40 МУЛЬТФИЛЬМЫ
14.00 ЖЕНСКАЯ ЛИГА
14.30 ДОМ-2. LITE
16.15 Х/Ф «ПРОСТО ДРУЗЬЯ»
18.00 Т/С «ИНТЕРНЫ»
18.30, 20.30 Т/С «УНИВЕР. НО-
ВАЯ ОБЩАГА»
19.00 Т/С «СЧАСТЛИВЫ
ВМЕСТЕ»
20.00 Т/С «ИНТЕРНЫ»
21.00 Х/Ф «СЕРДЦЕЕДКИ»
23.30 ДОМ 2. ГОРОД ЛЮБВИ
00.20 ДОМ-2. ПОСЛЕ ЗАКАТА
00.50 СЕКС С АНФИСОЙ ЧЕ-
ХОВОЙ
01.20 Т/С «V-ВИЗИТЕРЫ»
02.15 ДОМ 2. ГОРОД ЛЮБВИ
03.15 Х/Ф «ОБЛАКО 9»
05.20 Т/С «САША + МАША»
4 4 канал
6.00 МУЛЬТФИЛЬМЫ
6.20, 9.00 НОВОСТИ
6.50 СЛУЖБА СПАСЕНИЯ
7.00 «УТРЕННИЙ ЭКСПРЕСС»
9.30 «СТЕНД»
9.45 СЛУЖБА СПАСЕНИЯ
С 10.00 ПРОФ. РАБОТЫ
16.00 Т/С «КОМИССАР РЕКС»
18.00 МУЛЬТФИЛЬМЫ
18.20 «ПРАВИЛЬНЫЙ ВЫБОР»
19.00 НОВОСТИ
19.30 ДОКАЗАТЕЛЬСТВА
ВИНЫ
20.25 СЛУЖБА СПАСЕНИЯ
20.30, 23.00 НОВОСТИ
21.00 Х/Ф «ЛЮБОВЬ СЛУЧА-
ЕТСЯ»
23.30 «СТЕНД»
23.45 СЛУЖБА СПАСЕНИЯ
00.10 «МАСКИ-ШОУ»
00.30 Т/С «ДЕТЕКТИВ НЭШ
БРИДЖЕС»
01.20 Т/С «ТВИН ПИКС»
03.15 Х/Ф «МАТАДОР»
05.05 МУЗ. ПРОГРАММА
РЕН РЕН УРАЛ
5.00 Т/С «НЕБО В ГОРОШЕК»
6.00 «НОВОСТИ 24»
6.30 «ЗВАНЫЙ УЖИН»
7.30 Т/С «NEXT - 3»
9.30 «НОВОСТИ 24»
С 10.00 ПРОФ. РАБОТЫ
16.00 Т/С «СЛЕДАКИ»
16.30 «НОВОСТИ 24»
17.00 «ХВАТИТ МОЛЧАТЬ!»
18.00 «ЕЩЕ НЕ ВЕЧЕР»: «ЭФ-
ФЕКТ БАБОЧКИ»
19.00 ЭКСТРЕННЫЙ ВЫЗОВ
19.30 «НОВОСТИ 24»
20.00 Т/С «NEXT - 3»
22.00 ЭКСТРЕННЫЙ ВЫЗОВ
22.30 «НОВОСТИ 24»
23.00 Х/Ф «ФРАНЦУЗСКИЙ
ПОЦЕЛУЙ»
01.00 «БУНКЕР NEWS»
02.00 Х/Ф «ДЕСЯТЬ С ПОЛО-
ВИНОЙ БАЛЛОВ: АПО-
КАЛИПСИС», 2 СЕРИЯ
04.00 Т/С «СОЛДАТЫ. ДЕМ-
БЕЛЬ НЕИЗБЕЖЕН!»
ТВ ТВ Урал
6.00 МУЛЬТФИЛЬМЫ
8.00 «ДАЕШЬ МОЛОДЕЖЬ!»
8.30 Т/С «МОЛОДОЖЕНЫ»
9.00, 11.50 «6 КАДРОВ»
9.30 Т/С «ВОРОНИНЫ»
10.00 Х/Ф «ТРУДНАЯ МИ-
ШЕНЬ»
13.00, 15.30 «ЕРАЛАШ»
14.00 МУЛЬТФИЛЬМЫ
16.00 Т/С «ПАПИНЫ ДОЧКИ»
17.30 «ГАЛИЛЕО»
18.30 «ДАЕШЬ МОЛОДЕЖЬ!»
19.00 Т/С «ВОРОНИНЫ»
19.30 Т/С «МОЛОДОЖЕНЫ»
20.30 Т/С «СВЕТОФОР»
21.30 Х/Ф «КРОВАВЫЙ
СПОРТ»
22.45 «6 КАДРОВ»
00.00 «НОВОСТИ – 41. СВЕРХ
ПЛАНА»
00.30 «ИНФОМАНИЯ»
01.00 «ХОРОШИЕ ШУТКИ»
02.40 Т/С «КАДЕТСТВО»
05.05 МУЛЬТФИЛЬМЫ
05.35 МУЗЫКА НА СТС
5 Пятый
6.00, 10.00, 12.00 СЕЙЧАС
6.10 МУЛЬТФИЛЬМ
6.30 КАЛЕНДАРЬ ПРИРОДЫ
6.55 МЕСТО ПРОИСШЕСТВИЯ
7.00 УТРО НА «5»
9.25 КРИМИНАЛЬНЫЕ ХРО-
НИКИ
10.30, 12.30 Т/С «ЖУРОВ»
15.00 МЕСТО ПРОИСШЕ-
СТВИЯ
15.30 СЕЙЧАС
16.00 ОТКРЫТАЯ СТУДИЯ
18.00 МЕСТО ПРОИСШЕ-
СТВИЯ
18.30 СЕЙЧАС
19.00 Т/С «ДЕТЕКТИВЫ»
20.00 Т/С «СЛЕД»
21.35 МЕСТО ПРОИСШЕ-
СТВИЯ
22.00 СЕЙЧАС
22.25 Х/Ф «ПОЗОВИ МЕНЯ В
ДАЛЬ СВЕТЛУЮ»
00.15 Х/Ф «ТРИДЦАТОГО -
УНИЧТОЖИТЬ!»
02.40 Х/Ф «КОРОЛЬ ЛИР»
04.50 ПОСЛЕ СМЕРТИ
П Перец
6.00 МУЛЬТФИЛЬМЫ
8.00 «ТЫСЯЧА МЕЛОЧЕЙ»
8.30 САМОЕ СМЕШНОЕ ВИ-
ДЕО
9.00 «ДОРОЖНЫЕ ВОЙНЫ»
9.30 Х/Ф «ДОМ СВИДАНИЙ»
11.30, 17.30, 20.30 «С.У.П.»
12.30 «СМЕШНО ДО БОЛИ»
13.00 «МАМА В ЗАКОНЕ»
14.30 «ЗА СЕКУНДУ ДО КАТА-
СТРОФЫ»
15.30, 19.30, 23.00 «УЛЕТНОЕ
ВИДЕО»
16.00 «ДОРОЖНЫЕ ВОЙНЫ»
16.30 «ВНЕ ЗАКОНА»
18.30 «ДЕНЬ»
20.00 «ДОРОЖНЫЕ ВОЙНЫ»
21.00 «АВИАКАТАСТРОФЫ»
22.00 «МАМА В ЗАКОНЕ»
23.30 «ДОРОЖНЫЕ ВОЙНЫ»
00.00 «ГОЛЫЕ И СМЕШНЫЕ»
00.30 «КОГДА МАМА УСНУЛА»
01.30 Х/Ф «ЧЕЛОВЕК-СКЕ-
ЛЕТ»
03.20 Т/С «ЩИТ»
04.15 Х/Ф «ДОМ СВИДАНИЙ»
М Музыка
6.00, 03.00 MUSIC
7.00 СТЕРЕО УТРО
9.20, 19.00 HIT CHART
9.50 ART-КОКТЕЙЛЬ
10.10 ТАЧКУ НА ПРОКАЧКУ
10.30, 00.20 Т/С «ДНЕВНИКИ
ВАМПИРА»
11.20 МАГИЯ КРИСА ЭНДЖЕЛА
11.50, 21.30 УБОЙНЫЙ ВЕЧЕР
12.20 МИРОВОЙ ЧАРТ
13.30, 17.30, 22.00 КАНИКУЛЫ
В МЕКСИКЕ
14.30, 17.00, 01.10 СДЕЛАЙ
МНЕ ЗВЕЗДУ
15.00, 20.00 ХОЛОСТЯК
15.50 СЛЕДУЮЩИЙ
16.10 В ГОСТЯХ У ПРЕДКОВ
16.30 HAPPY RIDE
16.45 LIVE IN TELE-CLUB
18.30 СВОБОДЕН
19.30 BY3 NEWS
21.00 NEWS БЛОК
23.00, 02.10 Т/С «ДРУЗЬЯ»
23.25, 01.40 Т/С «КАК Я ВСТРЕ-
ТИЛ ВАШУ МАМУ»
00.00 Т/С «КЛИНИКА»
02.30 ИКОНА ВИДЕОИГР
ТВ3 ЦТУ
5.30, 7.00 МУЛЬТФИЛЬМЫ
6.30 Т/С «ТРЕТЬЯ ПЛАНЕТА ОТ
СОЛНЦА»
7.30 РЕБЯТАМ О ЗВЕРЯТАХ
8.00 Т/С «ЗЕНА - КОРОЛЕВА
ВОИНОВ»
9.00 НЕРАЗГАДАННЫЙ МИР
10.00 КАК ЭТО СДЕЛАНО
10.30 «МИР В РАЗРЕЗЕ»
11.00 Т/С «КУКОЛЬНЫЙ ДОМ»
12.00, 19.00 Т/С «КАРАМЕЛЬ»
13.00 Д/С «АПОКАЛИПСИС»
14.00 Т/С «КАСЛ»
15.00, 23.45 Т/С «ПРИТВОРЩИК»
16.00 НЕРАЗГАДАННЫЙ МИР
17.00 Т/С «КУКОЛЬНЫЙ ДОМ»
18.00 Т/С «ЗАВТРА НАСТУПИТ
СЕГОДНЯ»
20.00 Т/С «КАСЛ»
21.00 «НОСТРАДАМУС 2012»
22.00 Х/Ф «ПРОРОЧЕСТВО О
СУДНОМ ДНЕ»
00.45 ПОКЕР СТАРЗ
01.45 Х/Ф «УЖАС ЛОХ-НЕССА»
03.30 Т/С «РОБИН ГУД»
04.30 ДОКУМ. ФИЛЬМ
